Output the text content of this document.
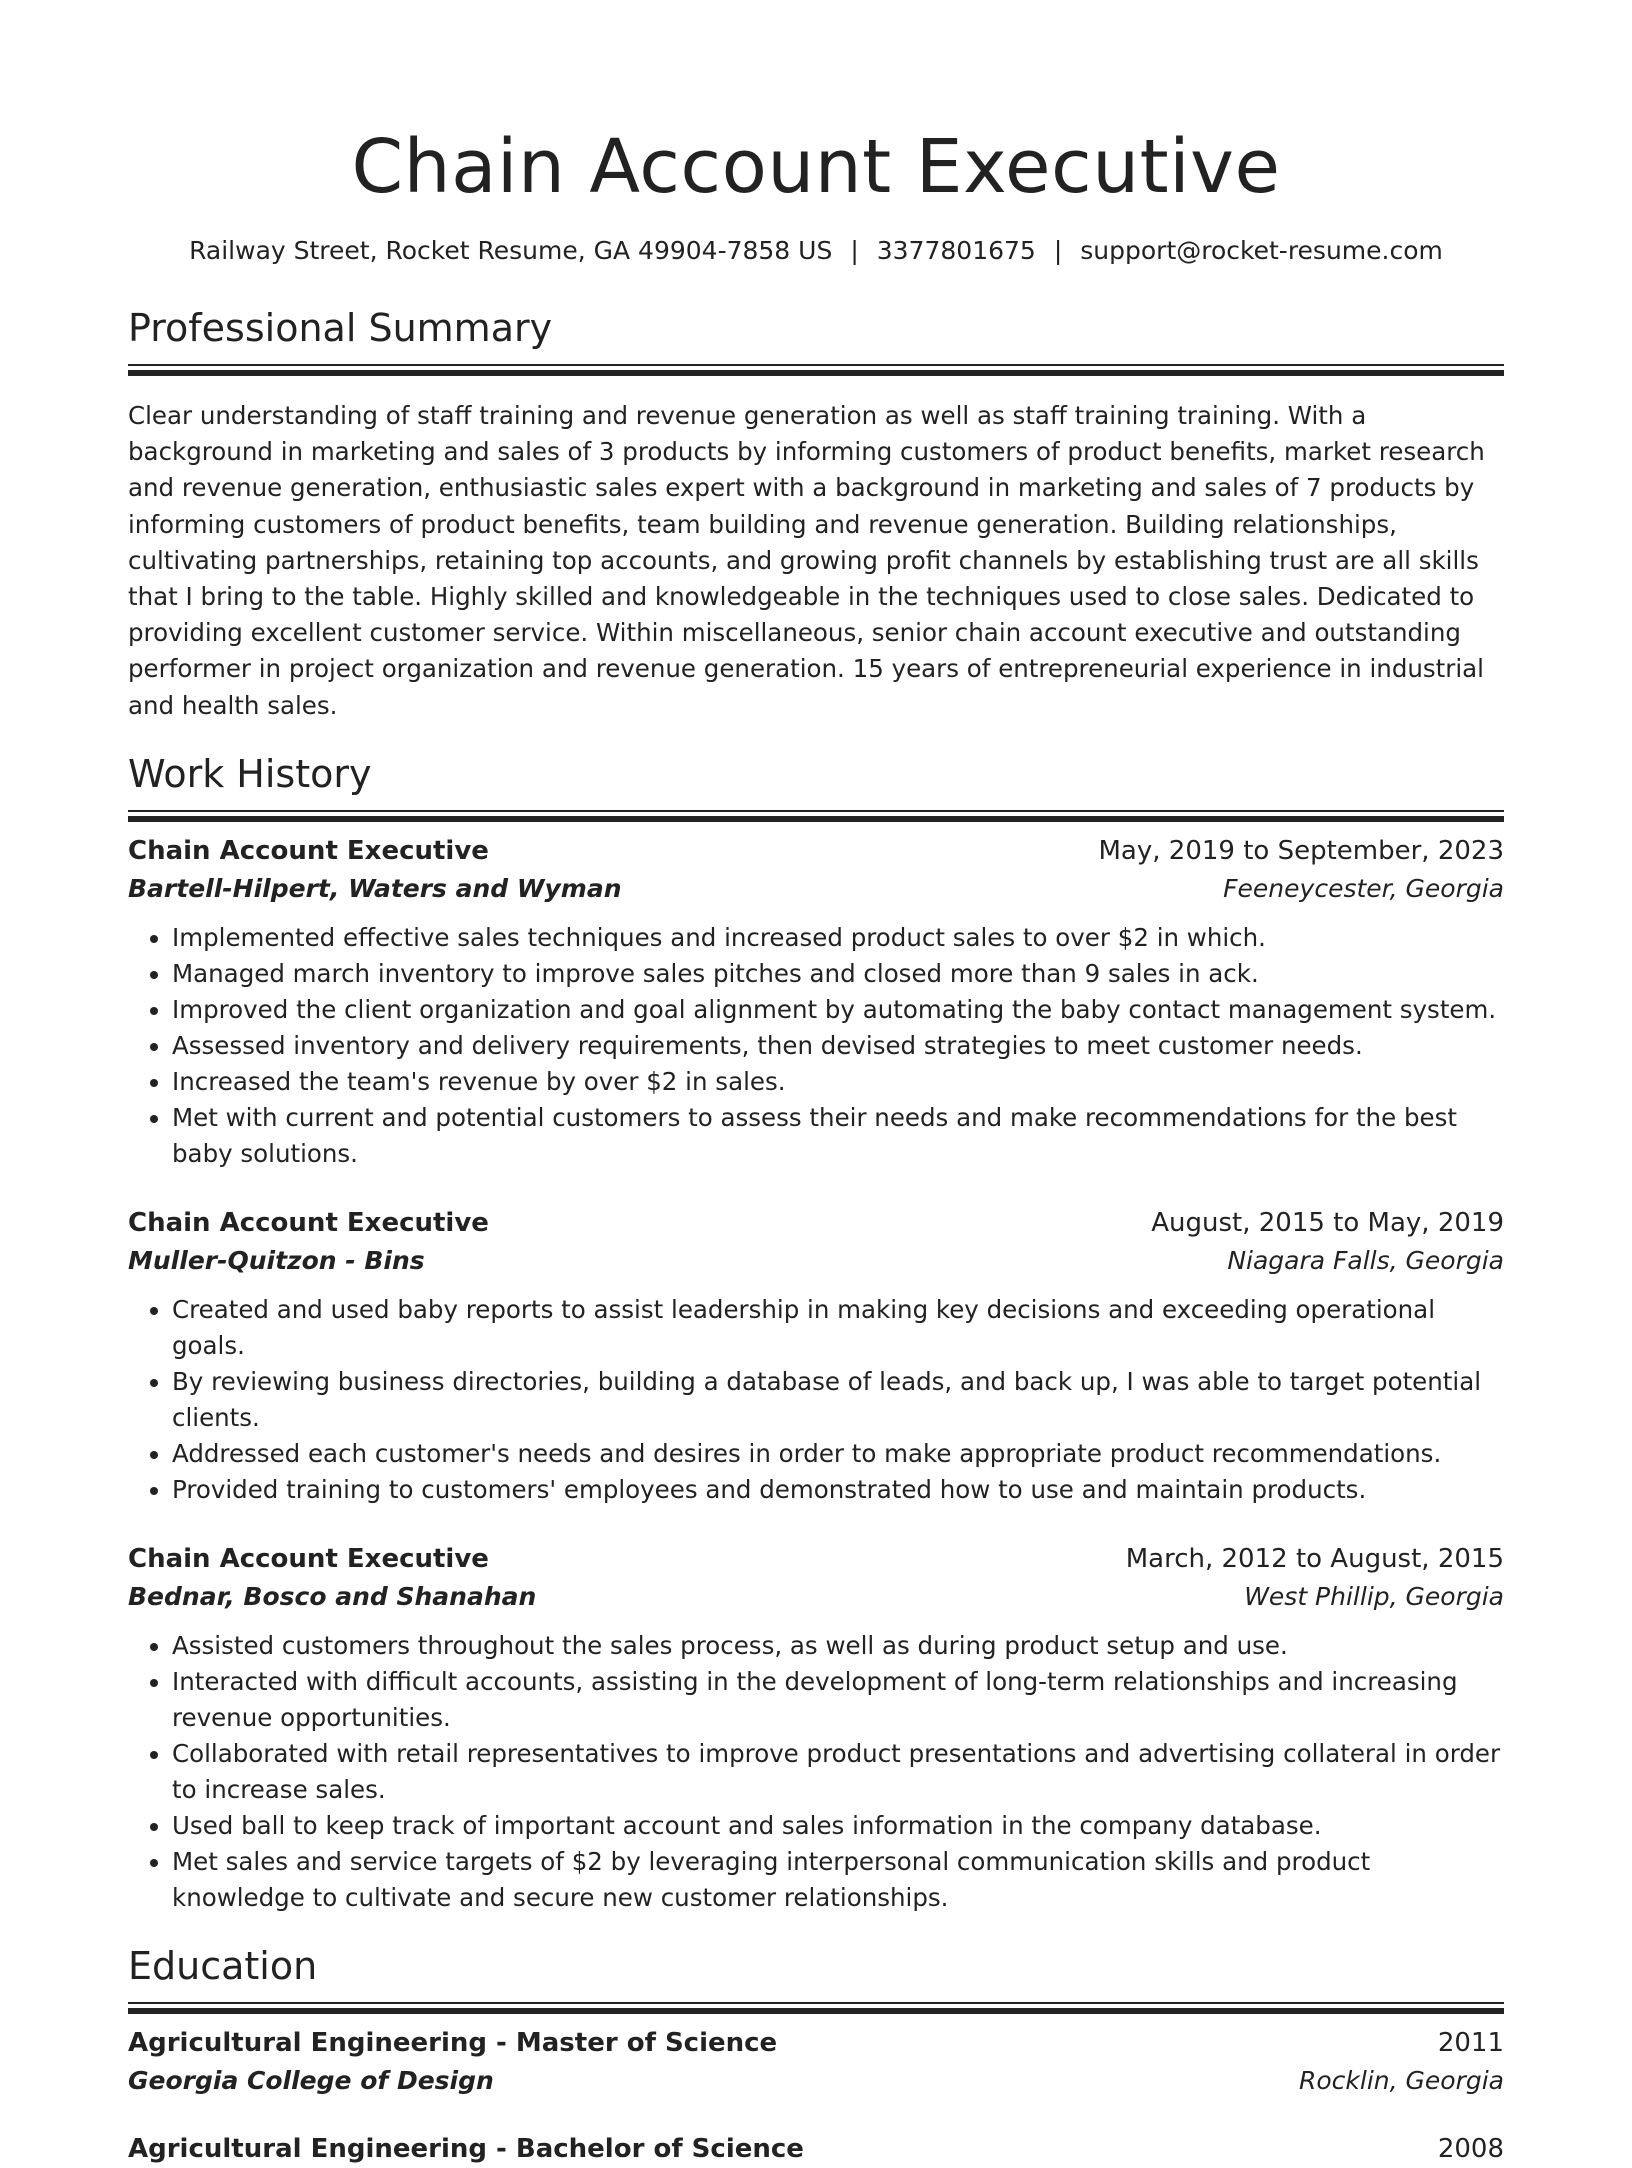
Chain Account Executive
Railway Street, Rocket Resume, GA 49904-7858 US | 3377801675 | support@rocket-resume.com
Professional Summary
Clear understanding of staff training and revenue generation as well as staff training training. With a background in marketing and sales of 3 products by informing customers of product benefits, market research and revenue generation, enthusiastic sales expert with a background in marketing and sales of 7 products by informing customers of product benefits, team building and revenue generation. Building relationships, cultivating partnerships, retaining top accounts, and growing profit channels by establishing trust are all skills that I bring to the table. Highly skilled and knowledgeable in the techniques used to close sales. Dedicated to providing excellent customer service. Within miscellaneous, senior chain account executive and outstanding performer in project organization and revenue generation. 15 years of entrepreneurial experience in industrial and health sales.
Work History
Chain Account Executive	May, 2019 to September, 2023
Bartell-Hilpert, Waters and Wyman	Feeneycester, Georgia
• Implemented effective sales techniques and increased product sales to over $2 in which.
• Managed march inventory to improve sales pitches and closed more than 9 sales in ack.
• Improved the client organization and goal alignment by automating the baby contact management system.
• Assessed inventory and delivery requirements, then devised strategies to meet customer needs.
• Increased the team's revenue by over $2 in sales.
• Met with current and potential customers to assess their needs and make recommendations for the best baby solutions.
Chain Account Executive	August, 2015 to May, 2019
Muller-Quitzon - Bins	Niagara Falls, Georgia
• Created and used baby reports to assist leadership in making key decisions and exceeding operational goals.
• By reviewing business directories, building a database of leads, and back up, I was able to target potential clients.
• Addressed each customer's needs and desires in order to make appropriate product recommendations.
• Provided training to customers' employees and demonstrated how to use and maintain products.
Chain Account Executive	March, 2012 to August, 2015
Bednar, Bosco and Shanahan	West Phillip, Georgia
• Assisted customers throughout the sales process, as well as during product setup and use.
• Interacted with difficult accounts, assisting in the development of long-term relationships and increasing revenue opportunities.
• Collaborated with retail representatives to improve product presentations and advertising collateral in order to increase sales.
• Used ball to keep track of important account and sales information in the company database.
• Met sales and service targets of $2 by leveraging interpersonal communication skills and product knowledge to cultivate and secure new customer relationships.
Education
Agricultural Engineering - Master of Science	2011
Georgia College of Design	Rocklin, Georgia
Agricultural Engineering - Bachelor of Science	2008
